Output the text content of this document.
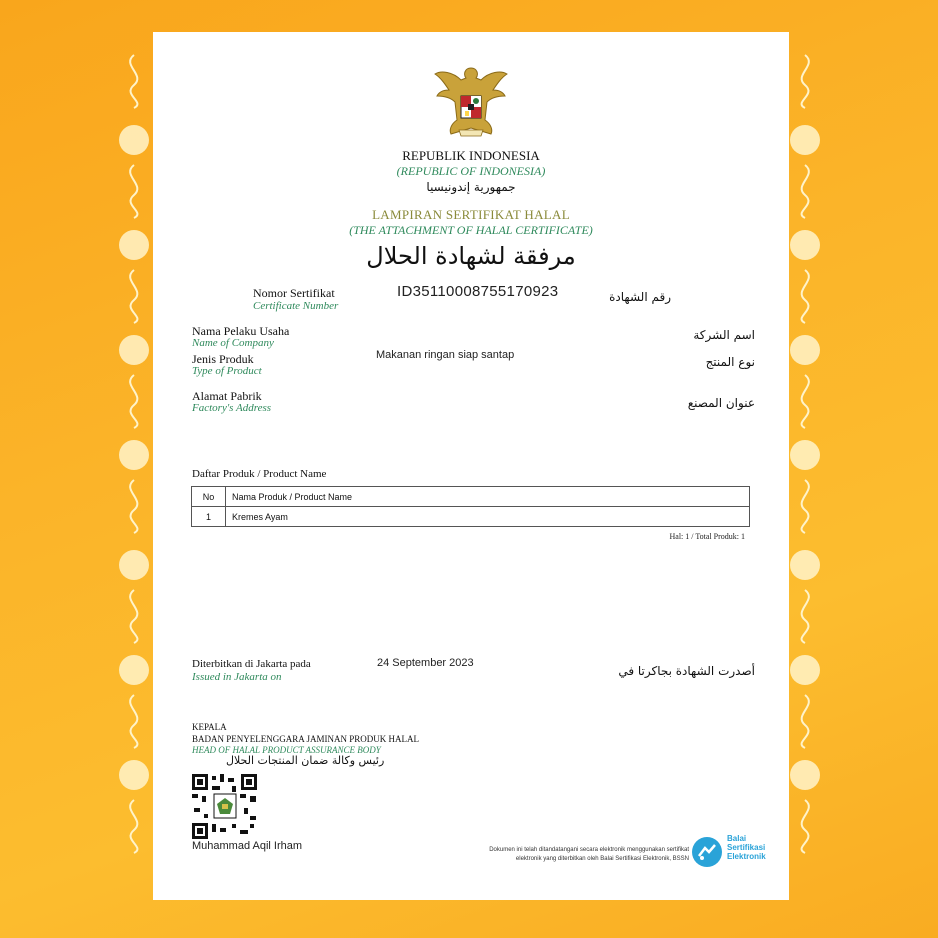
REPUBLIK INDONESIA
(REPUBLIC OF INDONESIA)
جمهورية إندونيسيا
LAMPIRAN SERTIFIKAT HALAL
(THE ATTACHMENT OF HALAL CERTIFICATE)
مرفقة لشهادة الحلال
Nomor Sertifikat
Certificate Number
ID35110008755170923	رقم الشهادة
Nama Pelaku Usaha
Name of Company
اسم الشركة
Jenis Produk
Type of Product
Makanan ringan siap santap	نوع المنتج
Alamat Pabrik
Factory's Address	عنوان المصنع
Daftar Produk / Product Name
No	Nama Produk / Product Name
1	Kremes Ayam
Hal: 1 / Total Produk: 1
Diterbitkan di Jakarta pada
Issued in Jakarta on
24 September 2023
أصدرت الشهادة بجاكرتا في
KEPALA
BADAN PENYELENGGARA JAMINAN PRODUK HALAL
HEAD OF HALAL PRODUCT ASSURANCE BODY
رئيس وكالة ضمان المنتجات الحلال
Muhammad Aqil Irham	Dokumen ini telah ditandatangani secara elektronik menggunakan sertifikat
elektronik yang diterbitkan oleh Balai Sertifikasi Elektronik, BSSN
Balai
Sertifikasi
Elektronik
